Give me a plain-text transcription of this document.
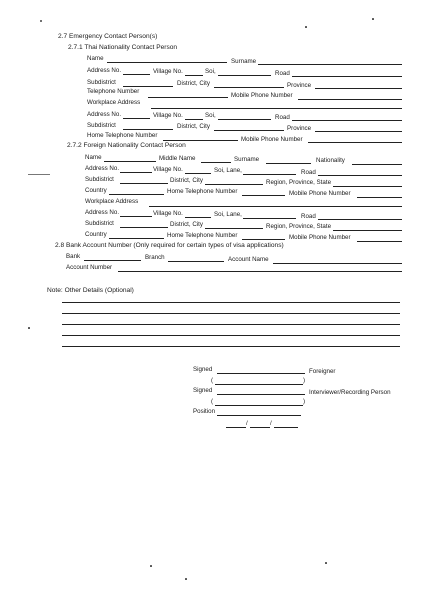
2.7 Emergency Contact Person(s)
2.7.1 Thai Nationality Contact Person
Name	Surname
Address No.	Village No.	Soi,	Road
Subdistrict	District, City	Province
Telephone Number
Mobile Phone Number
Workplace Address
Address No.	Village No.	Soi,	Road
Subdistrict	District, City	Province
Home Telephone Number
Mobile Phone Number
2.7.2 Foreign Nationality Contact Person
Name	Middle Name	Surname	Nationality
Address No.	Village No.	Soi, Lane,	Road
Subdistrict	District, City	Region, Province, State
Country	Home Telephone Number	Mobile Phone Number
Workplace Address
Address No.	Village No.	Soi, Lane,	Road
Subdistrict	District, City	Region, Province, State
Country	Home Telephone Number	Mobile Phone Number
2.8 Bank Account Number (Only required for certain types of visa applications)
Bank	Branch	Account Name
Account Number
Note: Other Details (Optional)
Signed	Foreigner
(	)
Signed	Interviewer/Recording Person
(	)
Position
/	/
